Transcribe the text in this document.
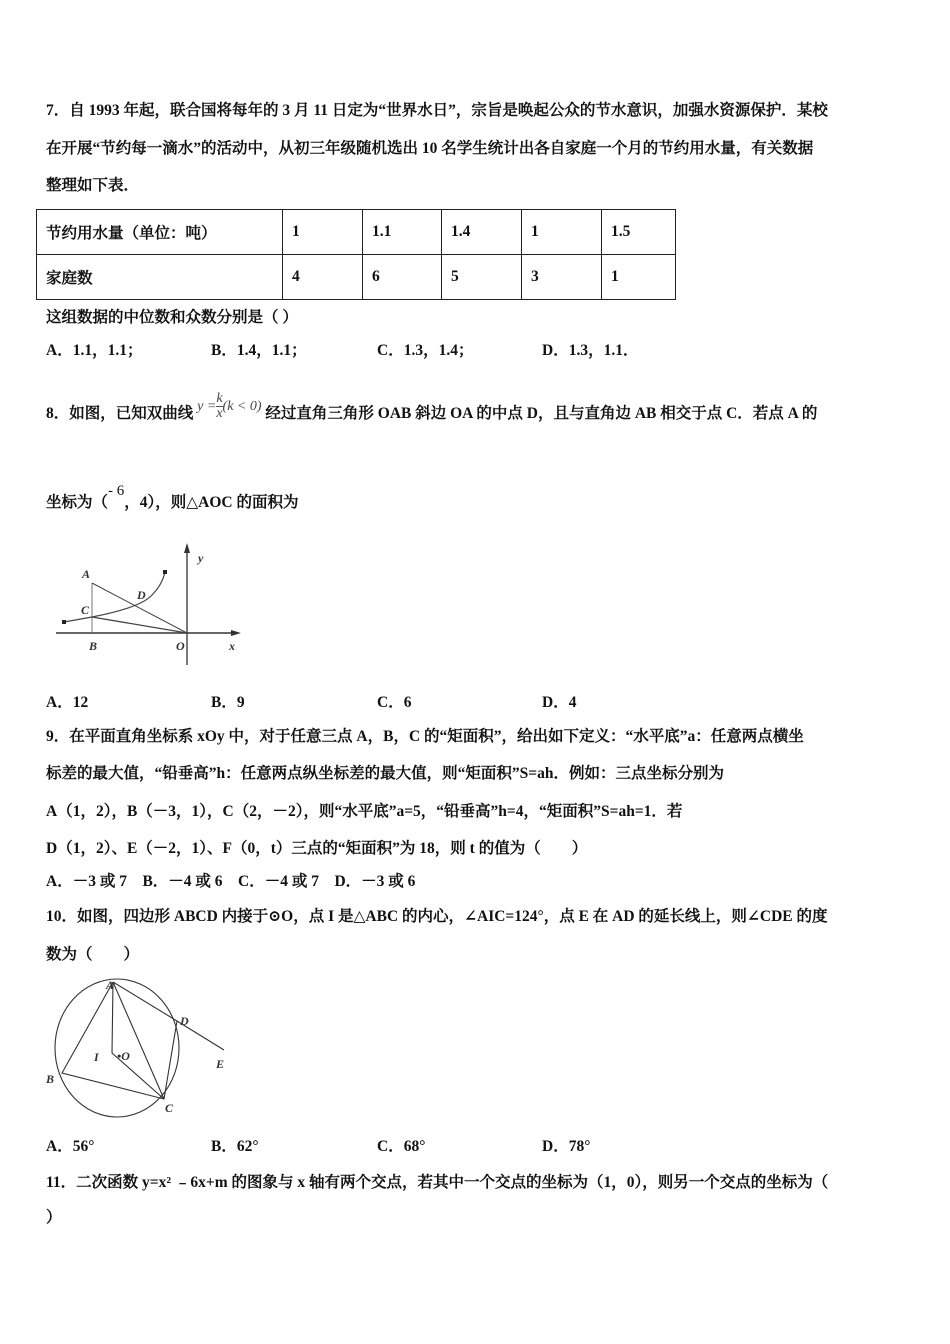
7．自 1993 年起，联合国将每年的 3 月 11 日定为“世界水日”，宗旨是唤起公众的节水意识，加强水资源保护．某校
在开展“节约每一滴水”的活动中，从初三年级随机选出 10 名学生统计出各自家庭一个月的节约用水量，有关数据
整理如下表．
节约用水量（单位：吨）	1	1.1	1.4	1	1.5
家庭数	4	6	5	3	1
这组数据的中位数和众数分别是（ ）
A．1.1，1.1；	B．1.4，1.1；	C．1.3，1.4；	D．1.3，1.1．
8．如图，已知双曲线 $y = \frac{k}{x} (k < 0)$ 经过直角三角形 OAB 斜边 OA 的中点 D，且与直角边 AB 相交于点 C．若点 A 的
坐标为（$^{- 6}$，4），则△AOC 的面积为
y
x
A
B
C
D
O
A．12	B．9	C．6	D．4
9．在平面直角坐标系 xOy 中，对于任意三点 A，B，C 的“矩面积”，给出如下定义：“水平底”a：任意两点横坐
标差的最大值，“铅垂高”h：任意两点纵坐标差的最大值，则“矩面积”S=ah．例如：三点坐标分别为
A（1，2），B（－3，1），C（2，－2），则“水平底”a=5，“铅垂高”h=4，“矩面积”S=ah=1．若
D（1，2）、E（－2，1）、F（0，t）三点的“矩面积”为 18，则 t 的值为（　　）
A．－3 或 7　B．－4 或 6　C．－4 或 7　D．－3 或 6
10．如图，四边形 ABCD 内接于⊙O，点 I 是△ABC 的内心，∠AIC=124°，点 E 在 AD 的延长线上，则∠CDE 的度
数为（　　）
A
D
E
B
C
I •O
A．56°	B．62°	C．68°	D．78°
11．二次函数 y=x² ﹣6x+m 的图象与 x 轴有两个交点，若其中一个交点的坐标为（1，0），则另一个交点的坐标为（
）
